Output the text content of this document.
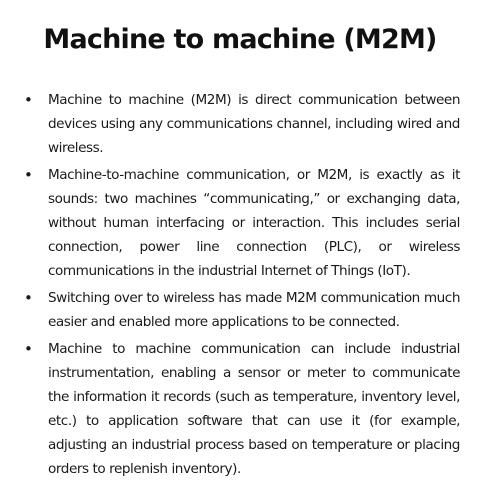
Machine to machine (M2M)
• Machine to machine (M2M) is direct communication between devices using any communications channel, including wired and wireless.
• Machine-to-machine communication, or M2M, is exactly as it sounds: two machines “communicating,” or exchanging data, without human interfacing or interaction. This includes serial connection, power line connection (PLC), or wireless communications in the industrial Internet of Things (IoT).
• Switching over to wireless has made M2M communication much easier and enabled more applications to be connected.
• Machine to machine communication can include industrial instrumentation, enabling a sensor or meter to communicate the information it records (such as temperature, inventory level, etc.) to application software that can use it (for example, adjusting an industrial process based on temperature or placing orders to replenish inventory).
